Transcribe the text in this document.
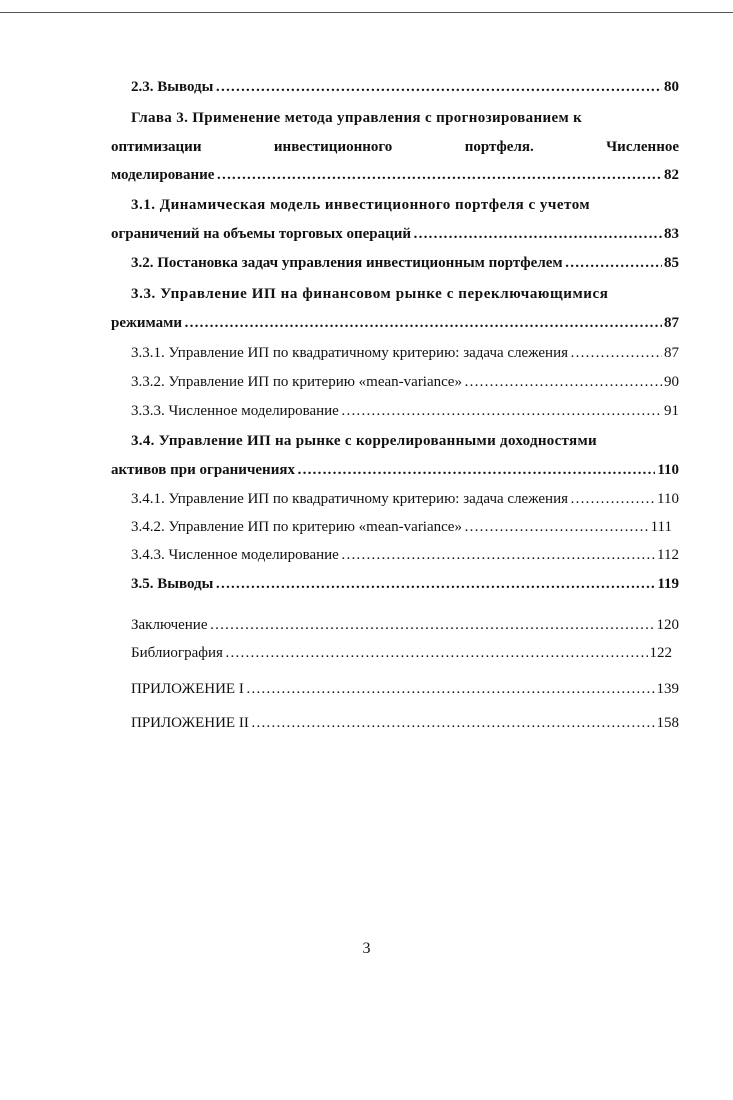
2.3. Выводы ……………………………………………………………………………………………………………………………………………………………………………………………	80
Глава 3. Применение метода управления с прогнозированием к
оптимизации	инвестиционного	портфеля.	Численное
моделирование ……………………………………………………………………………………………………………………………………………………………………………………………	82
3.1. Динамическая модель инвестиционного портфеля с учетом
ограничений на объемы торговых операций ……………………………………………………………………………………………………………………………………………………………………………………………	83
3.2. Постановка задач управления инвестиционным портфелем ……………………………………………………………………………………………………………………………………………………………………………………………	85
3.3. Управление ИП на финансовом рынке с переключающимися
режимами ……………………………………………………………………………………………………………………………………………………………………………………………	87
3.3.1. Управление ИП по квадратичному критерию: задача слежения ……………………………………………………………………………………………………………………………………………………………………………………………	87
3.3.2. Управление ИП по критерию «mean-variance» ……………………………………………………………………………………………………………………………………………………………………………………………	90
3.3.3. Численное моделирование ……………………………………………………………………………………………………………………………………………………………………………………………	91
3.4. Управление ИП на рынке с коррелированными доходностями
активов при ограничениях ……………………………………………………………………………………………………………………………………………………………………………………………	110
3.4.1. Управление ИП по квадратичному критерию: задача слежения ……………………………………………………………………………………………………………………………………………………………………………………………	110
3.4.2. Управление ИП по критерию «mean-variance» ……………………………………………………………………………………………………………………………………………………………………………………………	111
3.4.3. Численное моделирование ……………………………………………………………………………………………………………………………………………………………………………………………	112
3.5. Выводы ……………………………………………………………………………………………………………………………………………………………………………………………	119
Заключение ……………………………………………………………………………………………………………………………………………………………………………………………	120
Библиография ……………………………………………………………………………………………………………………………………………………………………………………………	122
ПРИЛОЖЕНИЕ I ……………………………………………………………………………………………………………………………………………………………………………………………	139
ПРИЛОЖЕНИЕ II ……………………………………………………………………………………………………………………………………………………………………………………………	158
3
